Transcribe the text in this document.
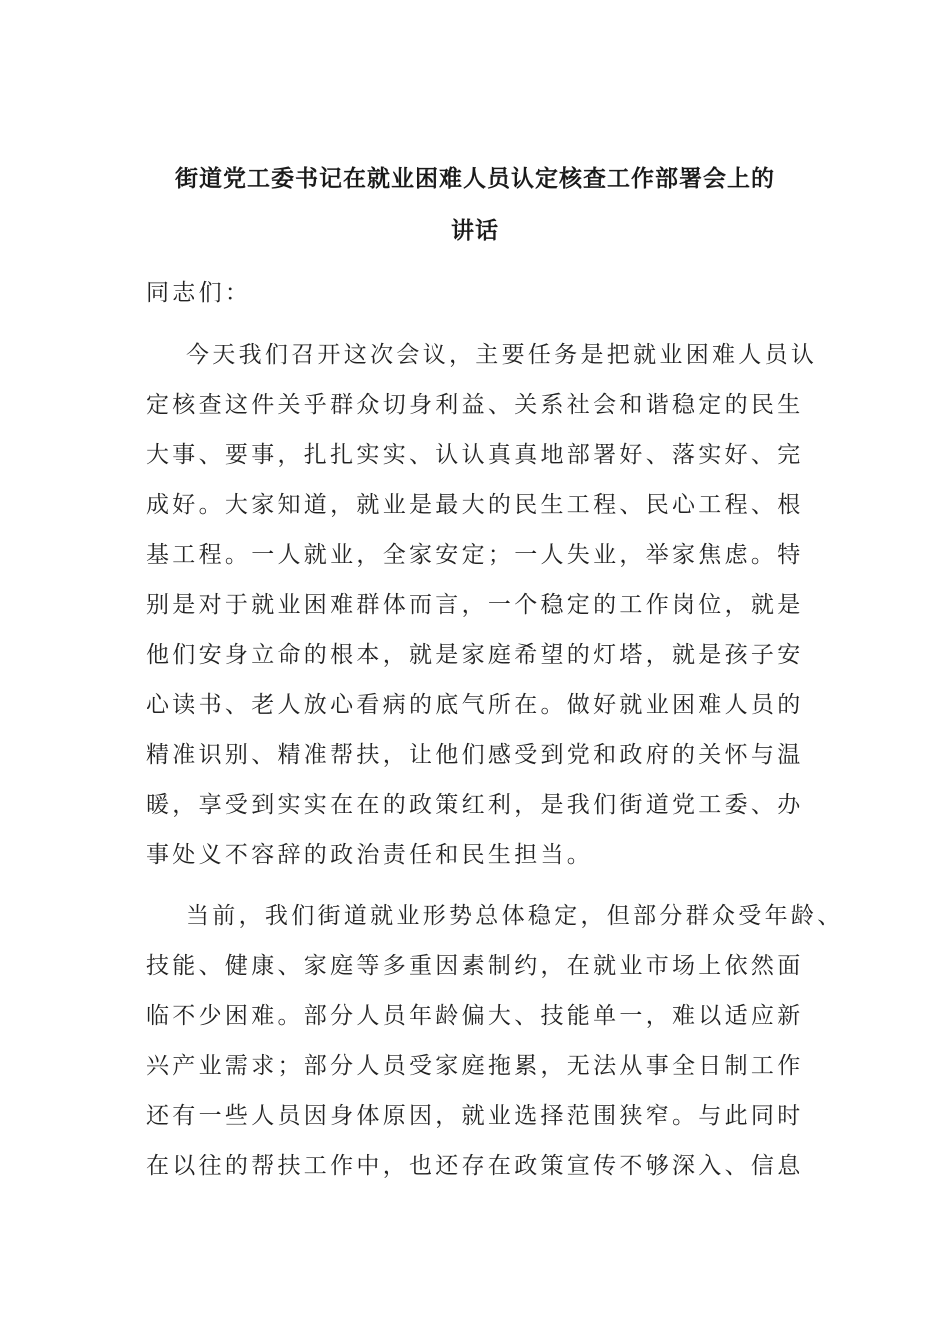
街道党工委书记在就业困难人员认定核查工作部署会上的
讲话
同志们：
今天我们召开这次会议，主要任务是把就业困难人员认
定核查这件关乎群众切身利益、关系社会和谐稳定的民生
大事、要事，扎扎实实、认认真真地部署好、落实好、完
成好。大家知道，就业是最大的民生工程、民心工程、根
基工程。一人就业，全家安定；一人失业，举家焦虑。特
别是对于就业困难群体而言，一个稳定的工作岗位，就是
他们安身立命的根本，就是家庭希望的灯塔，就是孩子安
心读书、老人放心看病的底气所在。做好就业困难人员的
精准识别、精准帮扶，让他们感受到党和政府的关怀与温
暖，享受到实实在在的政策红利，是我们街道党工委、办
事处义不容辞的政治责任和民生担当。
当前，我们街道就业形势总体稳定，但部分群众受年龄、
技能、健康、家庭等多重因素制约，在就业市场上依然面
临不少困难。部分人员年龄偏大、技能单一，难以适应新
兴产业需求；部分人员受家庭拖累，无法从事全日制工作
还有一些人员因身体原因，就业选择范围狭窄。与此同时
在以往的帮扶工作中，也还存在政策宣传不够深入、信息
